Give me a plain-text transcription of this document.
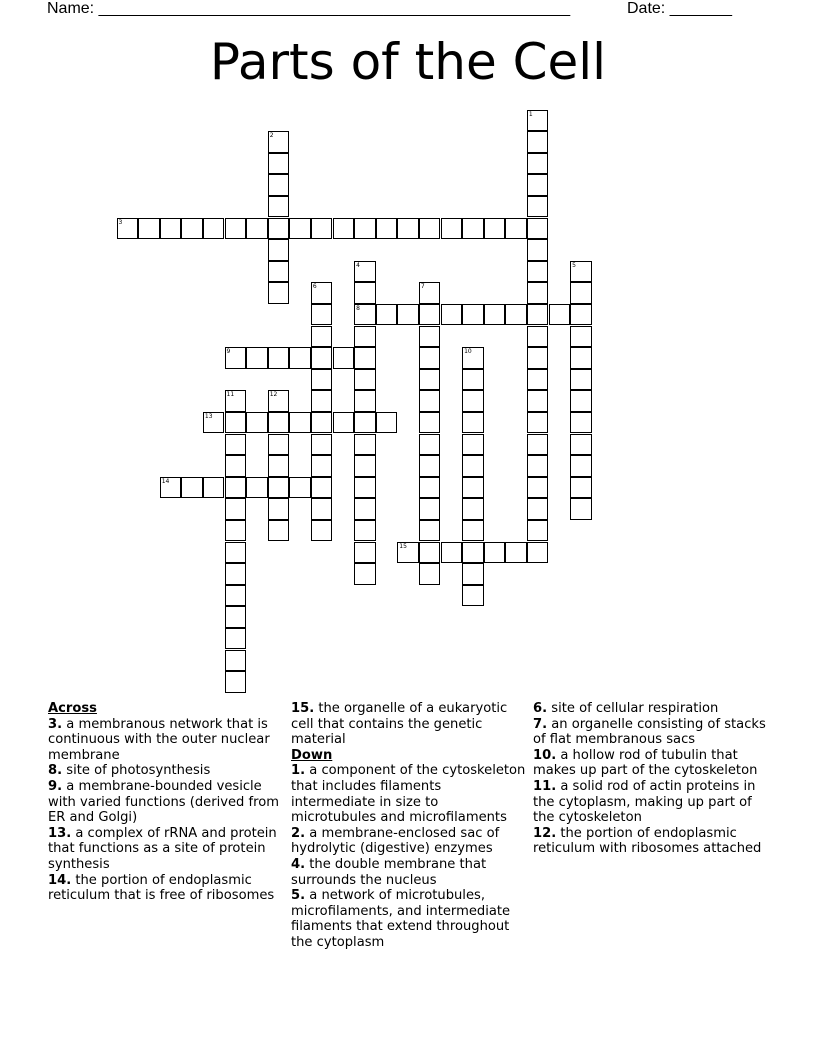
Name: _____________________________________________________	Date: _______
Parts of the Cell
1
2
3
4
8
5
6	7
9	10
11	12
13
14
15
Across
3. a membranous network that is continuous with the outer nuclear membrane
8. site of photosynthesis
9. a membrane-bounded vesicle with varied functions (derived from ER and Golgi)
13. a complex of rRNA and protein that functions as a site of protein synthesis
14. the portion of endoplasmic reticulum that is free of ribosomes
15. the organelle of a eukaryotic cell that contains the genetic material
Down
1. a component of the cytoskeleton that includes filaments intermediate in size to microtubules and microfilaments
2. a membrane-enclosed sac of hydrolytic (digestive) enzymes
4. the double membrane that surrounds the nucleus
5. a network of microtubules, microfilaments, and intermediate filaments that extend throughout the cytoplasm
6. site of cellular respiration
7. an organelle consisting of stacks of flat membranous sacs
10. a hollow rod of tubulin that makes up part of the cytoskeleton
11. a solid rod of actin proteins in the cytoplasm, making up part of the cytoskeleton
12. the portion of endoplasmic reticulum with ribosomes attached
